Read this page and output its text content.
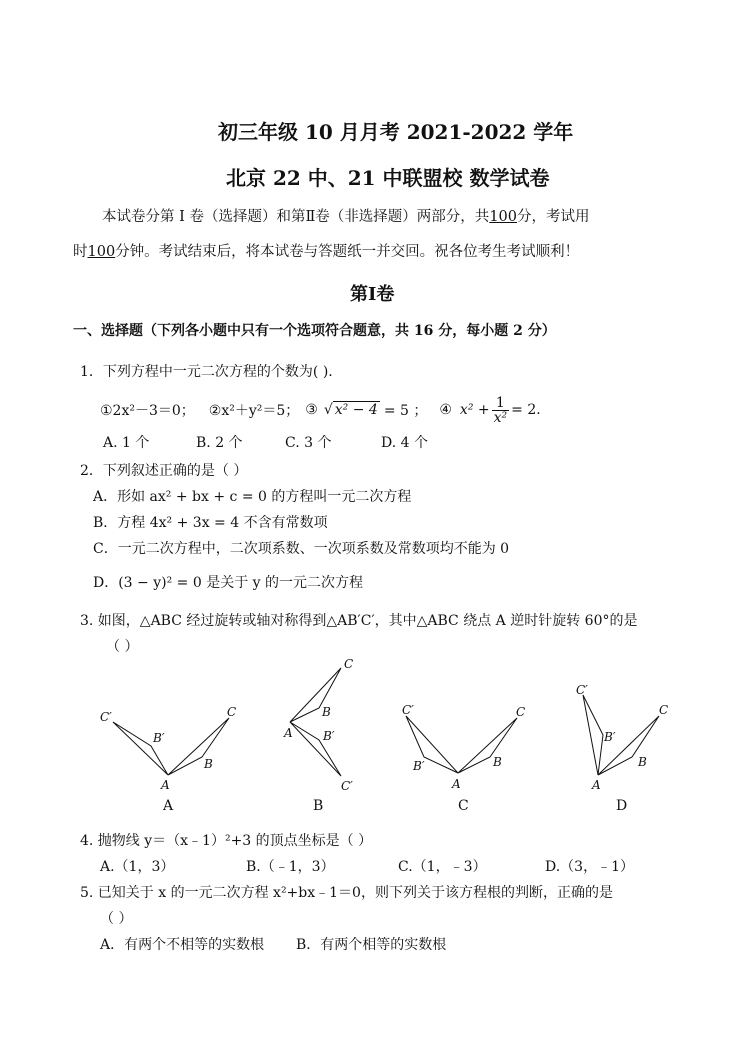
初三年级 10 月月考 2021-2022 学年
北京 22 中、21 中联盟校 数学试卷
本试卷分第 I 卷（选择题）和第Ⅱ卷（非选择题）两部分，共100分，考试用
时100分钟。考试结束后，将本试卷与答题纸一并交回。祝各位考生考试顺利！
第Ⅰ卷
一、选择题（下列各小题中只有一个选项符合题意，共 16 分，每小题 2 分）
1．下列方程中一元二次方程的个数为( ).
①2x²－3＝0； ②x²＋y²＝5； ③ √ x² − 4 = 5 ； ④ $x^2 + \frac{1}{\text{x²}} = 2$.
A. 1 个	B. 2 个	C. 3 个	D. 4 个
2．下列叙述正确的是（ ）
A．形如 ax² + bx + c = 0 的方程叫一元二次方程
B．方程 4x² + 3x = 4 不含有常数项
C．一元二次方程中，二次项系数、一次项系数及常数项均不能为 0
D．(3 − y)² = 0 是关于 y 的一元二次方程
3. 如图，△ABC 经过旋转或轴对称得到△AB′C′，其中△ABC 绕点 A 逆时针旋转 60°的是
（ ）
C′
B′
C
B
A
A
C
B
A	B′
C′
B
C′
B′
C
B
A
C
C′
B′
C
B
A
D
4. 抛物线 y＝（x﹣1）²+3 的顶点坐标是（ ）
A.（1，3）	B.（﹣1，3）	C.（1，﹣3）	D.（3，﹣1）
5. 已知关于 x 的一元二次方程 x²+bx﹣1＝0，则下列关于该方程根的判断，正确的是
（ ）
A．有两个不相等的实数根 B．有两个相等的实数根
